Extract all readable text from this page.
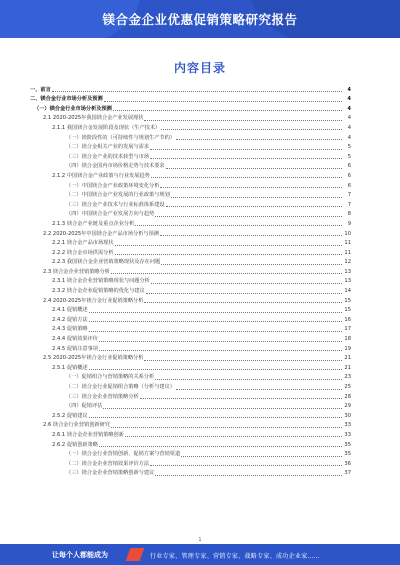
镁合金企业优惠促销策略研究报告
内容目录
一、前言	4
二、镁合金行业市场分析及预测	4
（一）镁合金行业市场分析及预测	4
2.1 2020-2025年我国镁合金产业发展现状	4
2.1.1 我国镁合金发展阶段及现状（生产技术）	4
（一）镁阶段性的（可持续性与规划生产节约）	4
（二）镁合金相关产业的发展与需求	5
（三）镁合金产业的技术转型与市场	5
（四）镁合金国内市场价格走势与技术要求	6
2.1.2 中国镁合金产业政策与行业发展趋势	6
（一）中国镁合金产业政策环境变化分析	6
（二）中国镁合金产业发展的行业政策与规划	7
（三）镁合金产业技术与行业标准体系建设	7
（四）中国镁合金产业发展方向与趋势	8
2.1.3 镁合金产业链及重点企业分析	9
2.2 2020-2025年中国镁合金产品市场分析与预测	10
2.2.1 镁合金产品市场现状	11
2.2.2 镁合金市场供需分析	11
2.2.3 我国镁合金企业营销策略现状及存在问题	12
2.3 镁合金企业营销策略分析	13
2.3.1 镁合金企业营销策略现状与问题分析	13
2.3.2 镁合金企业促销策略的优化与建议	14
2.4 2020-2025年镁合金行业促销策略分析	15
2.4.1 促销概述	15
2.4.2 促销方法	16
2.4.3 促销策略	17
2.4.4 促销效果评价	18
2.4.5 促销注意事项	19
2.5 2020-2025年镁合金行业促销策略分析	21
2.5.1 促销概述	21
（一）促销组合与营销策略的关系分析	23
（二）镁合金行业促销组合策略（分析与建议）	25
（三）镁合金企业营销策略分析	28
（四）促销评估	29
2.5.2 促销建议	30
2.6 镁合金行业营销创新研究	33
2.6.1 镁合金企业营销策略创新	33
2.6.2 促销创新策略	35
（一）镁合金行业营销创新、促销方案与营销渠道	35
（二）镁合金企业营销效果评价方法	36
（三）镁合金企业营销策略创新与建议	37
1
让每个人都能成为	行业专家、管理专家、营销专家、战略专家、成功企业家……
